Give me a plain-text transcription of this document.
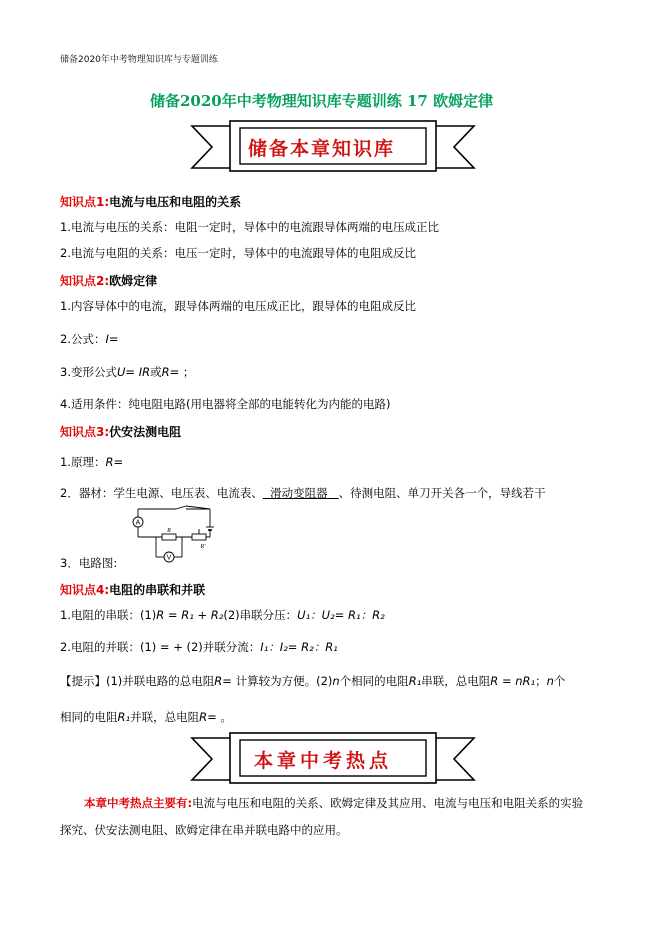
储备2020年中考物理知识库与专题训练
储备2020年中考物理知识库专题训练 17 欧姆定律
储备本章知识库
知识点1:电流与电压和电阻的关系
1.电流与电压的关系：电阻一定时，导体中的电流跟导体两端的电压成正比
2.电流与电阻的关系：电压一定时，导体中的电流跟导体的电阻成反比
知识点2:欧姆定律
1.内容导体中的电流，跟导体两端的电压成正比，跟导体的电阻成反比
2.公式：I=
3.变形公式U= IR或R= ；
4.适用条件：纯电阻电路(用电器将全部的电能转化为内能的电路)
知识点3:伏安法测电阻
1.原理：R=
2．器材：学生电源、电压表、电流表、 滑动变阻器 、待测电阻、单刀开关各一个，导线若干
A
V
R
R'
3．电路图:
知识点4:电阻的串联和并联
1.电阻的串联：(1)R = R₁ + R₂(2)串联分压：U₁：U₂= R₁：R₂
2.电阻的并联：(1) = + (2)并联分流：I₁：I₂= R₂：R₁
【提示】(1)并联电路的总电阻R= 计算较为方便。(2)n个相同的电阻R₁串联，总电阻R = nR₁；n个
相同的电阻R₁并联，总电阻R= 。
本章中考热点
本章中考热点主要有:电流与电压和电阻的关系、欧姆定律及其应用、电流与电压和电阻关系的实验
探究、伏安法测电阻、欧姆定律在串并联电路中的应用。
